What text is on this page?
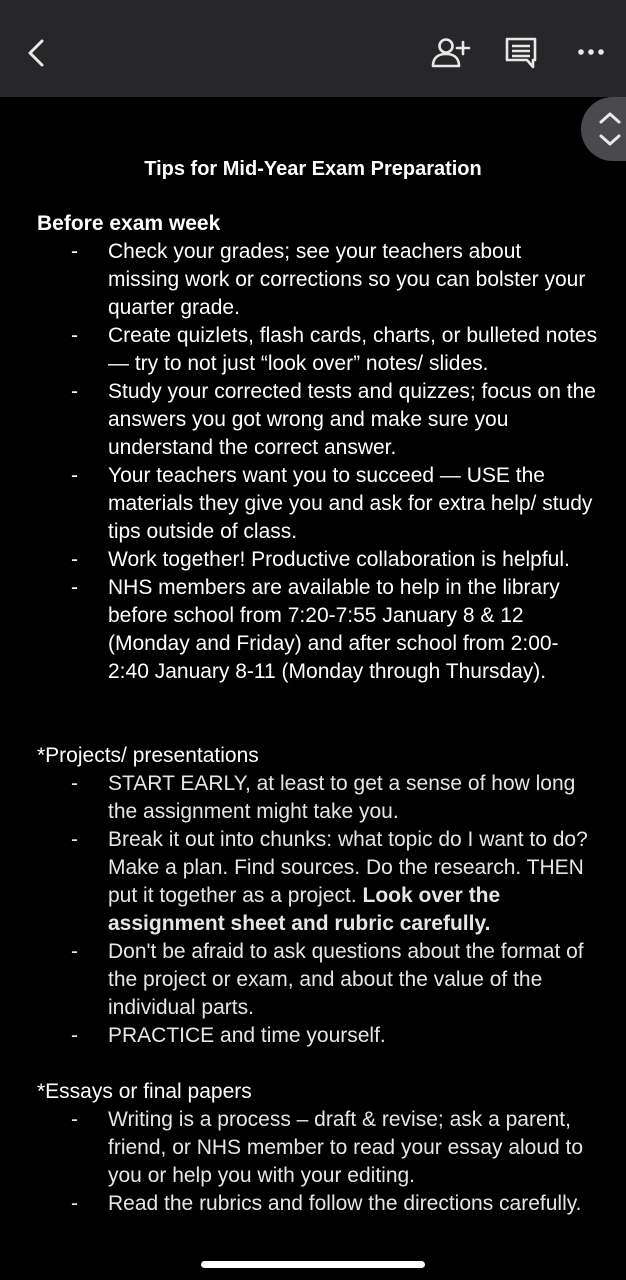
Tips for Mid-Year Exam Preparation
Before exam week
- Check your grades; see your teachers about missing work or corrections so you can bolster your quarter grade.
- Create quizlets, flash cards, charts, or bulleted notes — try to not just “look over” notes/ slides.
- Study your corrected tests and quizzes; focus on the answers you got wrong and make sure you understand the correct answer.
- Your teachers want you to succeed — USE the materials they give you and ask for extra help/ study tips outside of class.
- Work together! Productive collaboration is helpful.
- NHS members are available to help in the library before school from 7:20-7:55 January 8 & 12 (Monday and Friday) and after school from 2:00-2:40 January 8-11 (Monday through Thursday).
*Projects/ presentations
- START EARLY, at least to get a sense of how long the assignment might take you.
- Break it out into chunks: what topic do I want to do? Make a plan. Find sources. Do the research. THEN put it together as a project. Look over the assignment sheet and rubric carefully.
- Don't be afraid to ask questions about the format of the project or exam, and about the value of the individual parts.
- PRACTICE and time yourself.
*Essays or final papers
- Writing is a process – draft & revise; ask a parent, friend, or NHS member to read your essay aloud to you or help you with your editing.
- Read the rubrics and follow the directions carefully.
